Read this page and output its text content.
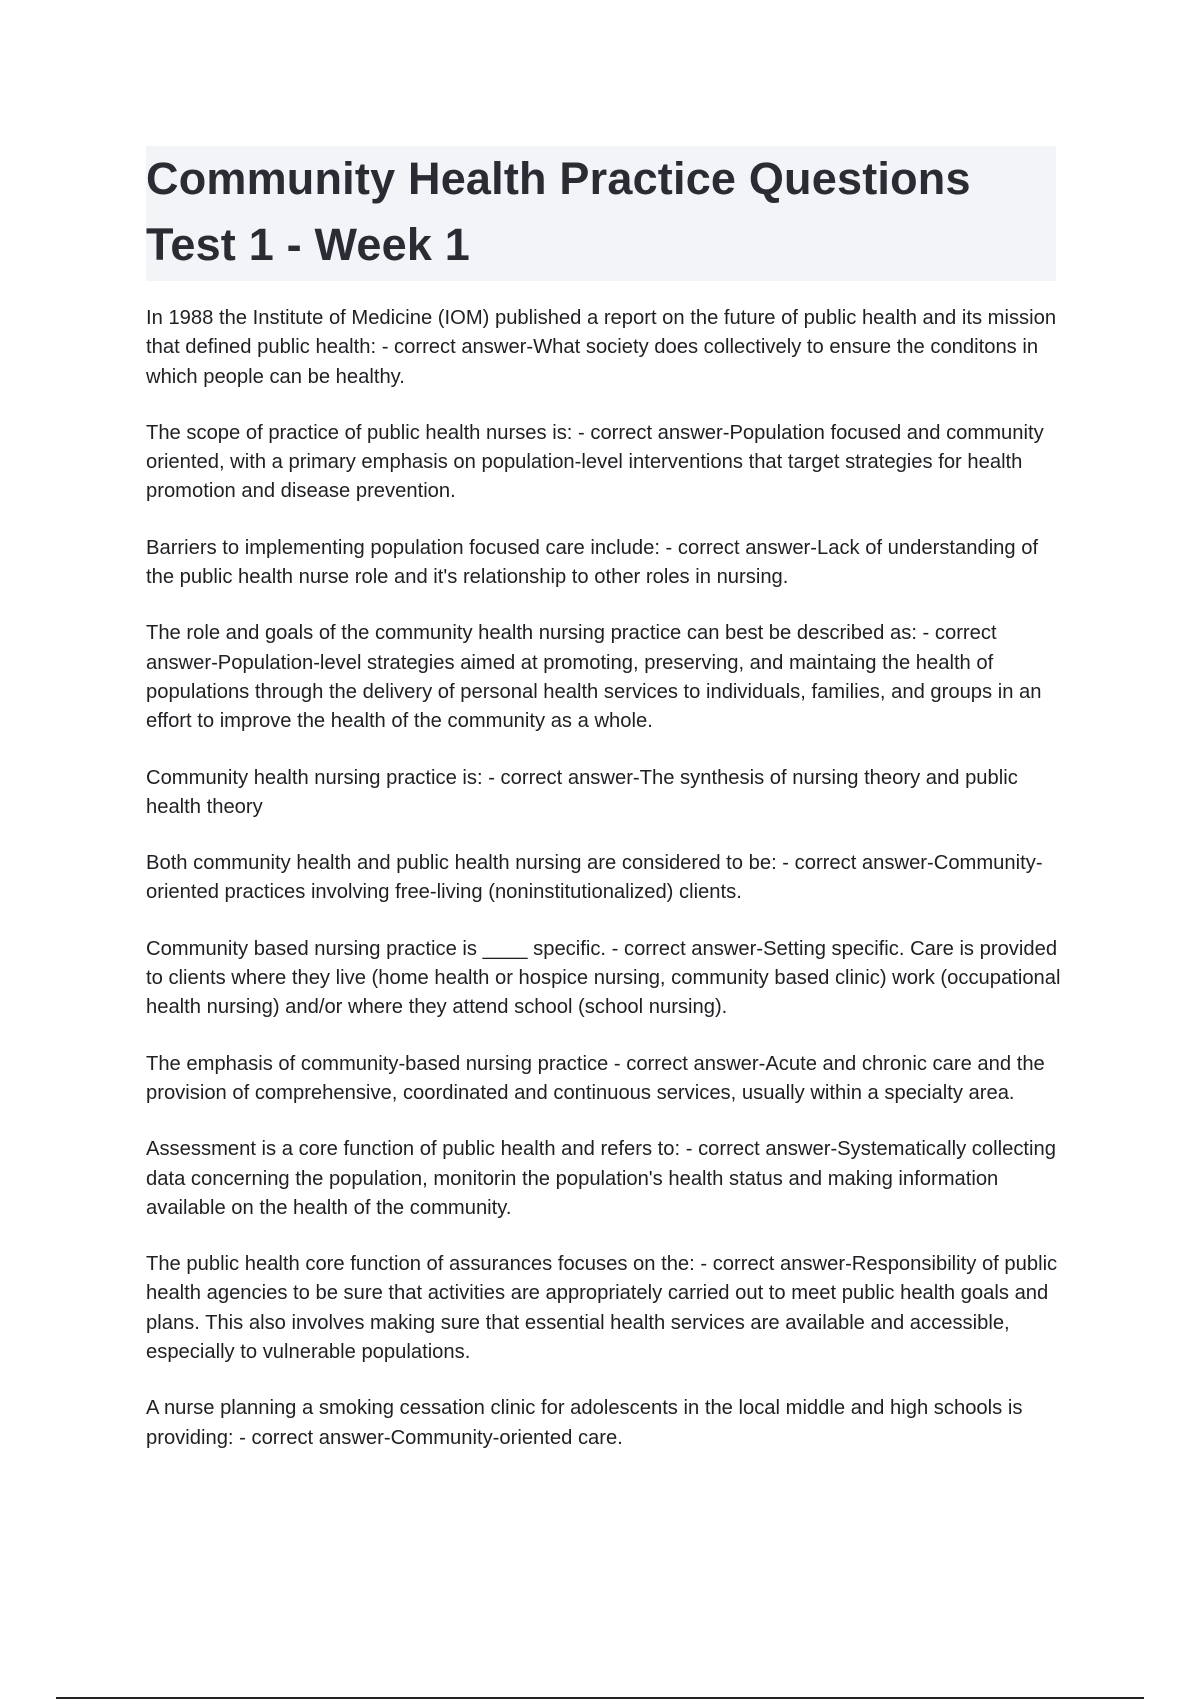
Community Health Practice Questions Test 1 - Week 1

In 1988 the Institute of Medicine (IOM) published a report on the future of public health and its mission that defined public health: - correct answer-What society does collectively to ensure the conditons in which people can be healthy.

The scope of practice of public health nurses is: - correct answer-Population focused and community oriented, with a primary emphasis on population-level interventions that target strategies for health promotion and disease prevention.

Barriers to implementing population focused care include: - correct answer-Lack of understanding of the public health nurse role and it's relationship to other roles in nursing.

The role and goals of the community health nursing practice can best be described as: - correct answer-Population-level strategies aimed at promoting, preserving, and maintaing the health of populations through the delivery of personal health services to individuals, families, and groups in an effort to improve the health of the community as a whole.

Community health nursing practice is: - correct answer-The synthesis of nursing theory and public health theory

Both community health and public health nursing are considered to be: - correct answer-Community-oriented practices involving free-living (noninstitutionalized) clients.

Community based nursing practice is ____ specific. - correct answer-Setting specific. Care is provided to clients where they live (home health or hospice nursing, community based clinic) work (occupational health nursing) and/or where they attend school (school nursing).

The emphasis of community-based nursing practice - correct answer-Acute and chronic care and the provision of comprehensive, coordinated and continuous services, usually within a specialty area.

Assessment is a core function of public health and refers to: - correct answer-Systematically collecting data concerning the population, monitorin the population's health status and making information available on the health of the community.

The public health core function of assurances focuses on the: - correct answer-Responsibility of public health agencies to be sure that activities are appropriately carried out to meet public health goals and plans. This also involves making sure that essential health services are available and accessible, especially to vulnerable populations.

A nurse planning a smoking cessation clinic for adolescents in the local middle and high schools is providing: - correct answer-Community-oriented care.
